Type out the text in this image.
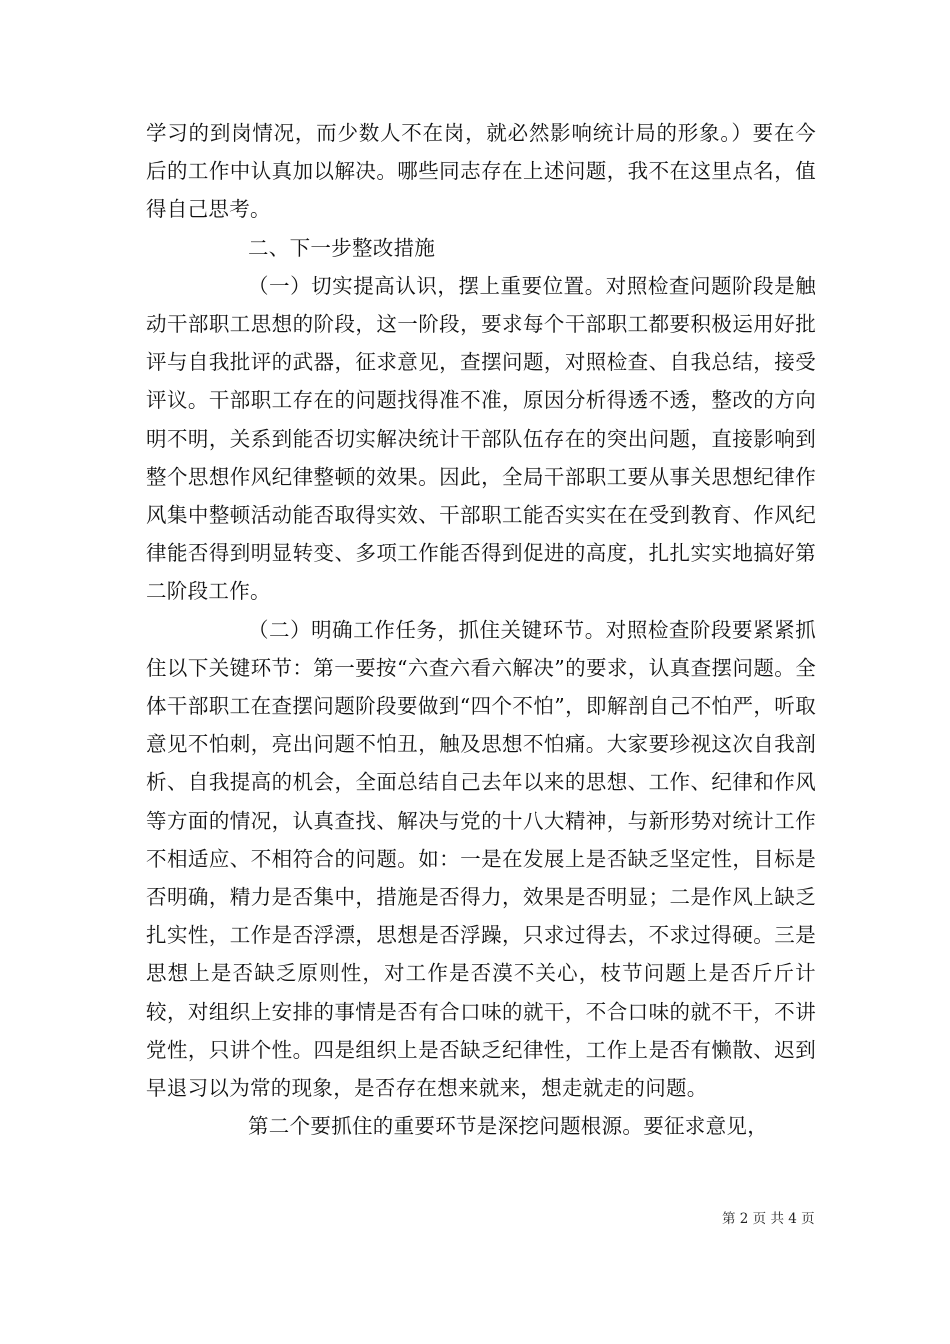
学习的到岗情况，而少数人不在岗，就必然影响统计局的形象。）要在今后的工作中认真加以解决。哪些同志存在上述问题，我不在这里点名，值得自己思考。

二、下一步整改措施

（一）切实提高认识，摆上重要位置。对照检查问题阶段是触动干部职工思想的阶段，这一阶段，要求每个干部职工都要积极运用好批评与自我批评的武器，征求意见，查摆问题，对照检查、自我总结，接受评议。干部职工存在的问题找得准不准，原因分析得透不透，整改的方向明不明，关系到能否切实解决统计干部队伍存在的突出问题，直接影响到整个思想作风纪律整顿的效果。因此，全局干部职工要从事关思想纪律作风集中整顿活动能否取得实效、干部职工能否实实在在受到教育、作风纪律能否得到明显转变、多项工作能否得到促进的高度，扎扎实实地搞好第二阶段工作。

（二）明确工作任务，抓住关键环节。对照检查阶段要紧紧抓住以下关键环节：第一要按“六查六看六解决”的要求，认真查摆问题。全体干部职工在查摆问题阶段要做到“四个不怕”，即解剖自己不怕严，听取意见不怕刺，亮出问题不怕丑，触及思想不怕痛。大家要珍视这次自我剖析、自我提高的机会，全面总结自己去年以来的思想、工作、纪律和作风等方面的情况，认真查找、解决与党的十八大精神，与新形势对统计工作不相适应、不相符合的问题。如：一是在发展上是否缺乏坚定性，目标是否明确，精力是否集中，措施是否得力，效果是否明显；二是作风上缺乏扎实性，工作是否浮漂，思想是否浮躁，只求过得去，不求过得硬。三是思想上是否缺乏原则性，对工作是否漠不关心，枝节问题上是否斤斤计较，对组织上安排的事情是否有合口味的就干，不合口味的就不干，不讲党性，只讲个性。四是组织上是否缺乏纪律性，工作上是否有懒散、迟到早退习以为常的现象，是否存在想来就来，想走就走的问题。

第二个要抓住的重要环节是深挖问题根源。要征求意见，

第 2 页 共 4 页
